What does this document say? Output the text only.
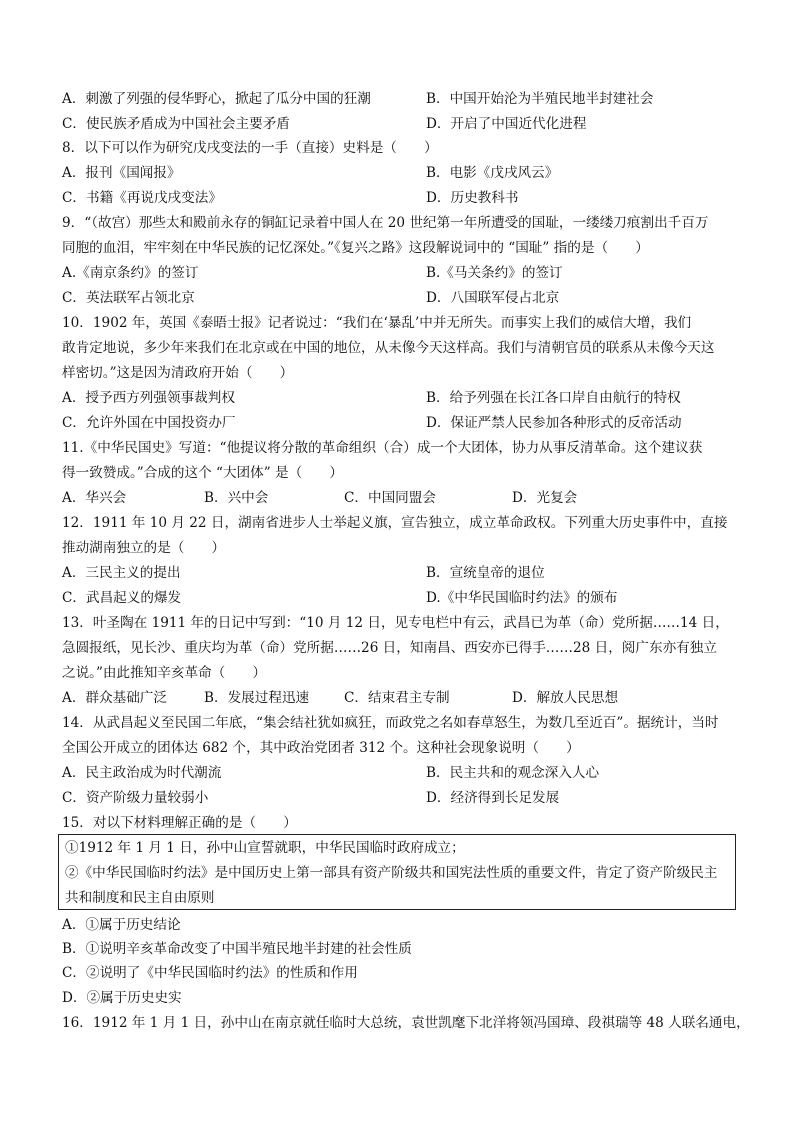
A．刺激了列强的侵华野心，掀起了瓜分中国的狂潮	B．中国开始沦为半殖民地半封建社会
C．使民族矛盾成为中国社会主要矛盾	D．开启了中国近代化进程
8．以下可以作为研究戊戌变法的一手（直接）史料是（　　）
A．报刊《国闻报》	B．电影《戊戌风云》
C．书籍《再说戊戌变法》	D．历史教科书
9．“（故宫）那些太和殿前永存的铜缸记录着中国人在 20 世纪第一年所遭受的国耻，一缕缕刀痕割出千百万
同胞的血泪，牢牢刻在中华民族的记忆深处。”《复兴之路》这段解说词中的 “国耻” 指的是（　　）
A.《南京条约》的签订	B.《马关条约》的签订
C．英法联军占领北京	D．八国联军侵占北京
10．1902 年，英国《泰晤士报》记者说过：“我们在‘暴乱’中并无所失。而事实上我们的威信大增，我们
敢肯定地说，多少年来我们在北京或在中国的地位，从未像今天这样高。我们与清朝官员的联系从未像今天这
样密切。”这是因为清政府开始（　　）
A．授予西方列强领事裁判权	B．给予列强在长江各口岸自由航行的特权
C．允许外国在中国投资办厂	D．保证严禁人民参加各种形式的反帝活动
11.《中华民国史》写道：“他提议将分散的革命组织（合）成一个大团体，协力从事反清革命。这个建议获
得一致赞成。”合成的这个 “大团体” 是（　　）
A．华兴会	B．兴中会	C．中国同盟会	D．光复会
12．1911 年 10 月 22 日，湖南省进步人士举起义旗，宣告独立，成立革命政权。下列重大历史事件中，直接
推动湖南独立的是（　　）
A．三民主义的提出	B．宣统皇帝的退位
C．武昌起义的爆发	D.《中华民国临时约法》的颁布
13．叶圣陶在 1911 年的日记中写到：“10 月 12 日，见专电栏中有云，武昌已为革（命）党所据……14 日，
急圆报纸，见长沙、重庆均为革（命）党所据……26 日，知南昌、西安亦已得手……28 日，阅广东亦有独立
之说。”由此推知辛亥革命（　　）
A．群众基础广泛	B．发展过程迅速	C．结束君主专制	D．解放人民思想
14．从武昌起义至民国二年底，“集会结社犹如疯狂，而政党之名如春草怒生，为数几至近百”。据统计，当时
全国公开成立的团体达 682 个，其中政治党团者 312 个。这种社会现象说明（　　）
A．民主政治成为时代潮流	B．民主共和的观念深入人心
C．资产阶级力量较弱小	D．经济得到长足发展
15．对以下材料理解正确的是（　　）
①1912 年 1 月 1 日，孙中山宣誓就职，中华民国临时政府成立；
②《中华民国临时约法》是中国历史上第一部具有资产阶级共和国宪法性质的重要文件，肯定了资产阶级民主
共和制度和民主自由原则
A．①属于历史结论
B．①说明辛亥革命改变了中国半殖民地半封建的社会性质
C．②说明了《中华民国临时约法》的性质和作用
D．②属于历史史实
16．1912 年 1 月 1 日，孙中山在南京就任临时大总统，袁世凯麾下北洋将领冯国璋、段祺瑞等 48 人联名通电，
